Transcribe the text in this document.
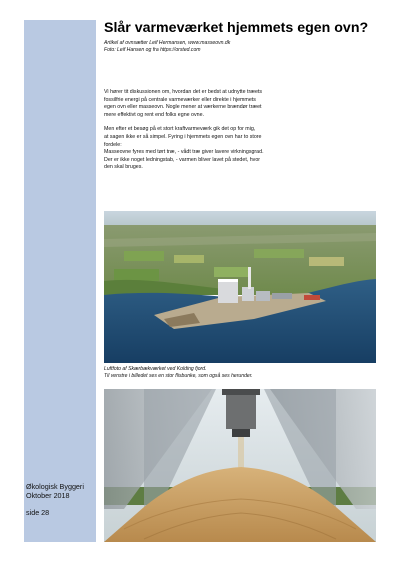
Slår varmeværket hjemmets egen ovn?
Artikel af ovnsætter Leif Hermansen, www.masseovn.dk
Foto: Leif Hansen og fra https://orsted.com

Vi hører tit diskussionen om, hvordan det er bedst at udnytte træets
fossilfrie energi på centrale varmeværker eller direkte i hjemmets
egen ovn eller masseovn. Nogle mener at værkerne brændør træet
mere effektivt og rent end folks egne ovne.

Men efter et besøg på et stort kraftvarmeværk gik det op for mig,
at sagen ikke er så simpel. Fyring i hjemmets egen ovn har to store
fordele:
Masseovne fyres med tørt træ, - vådt træ giver lavere virkningsgrad.
Der er ikke noget ledningstab, - varmen bliver lavet på stedet, hvor
den skal bruges.

Luftfoto af Skærbækværket ved Kolding fjord.
Til venstre i billedet ses en stor flisbunke, som også ses herunder.
Økologisk Byggeri Oktober 2018
side 28
